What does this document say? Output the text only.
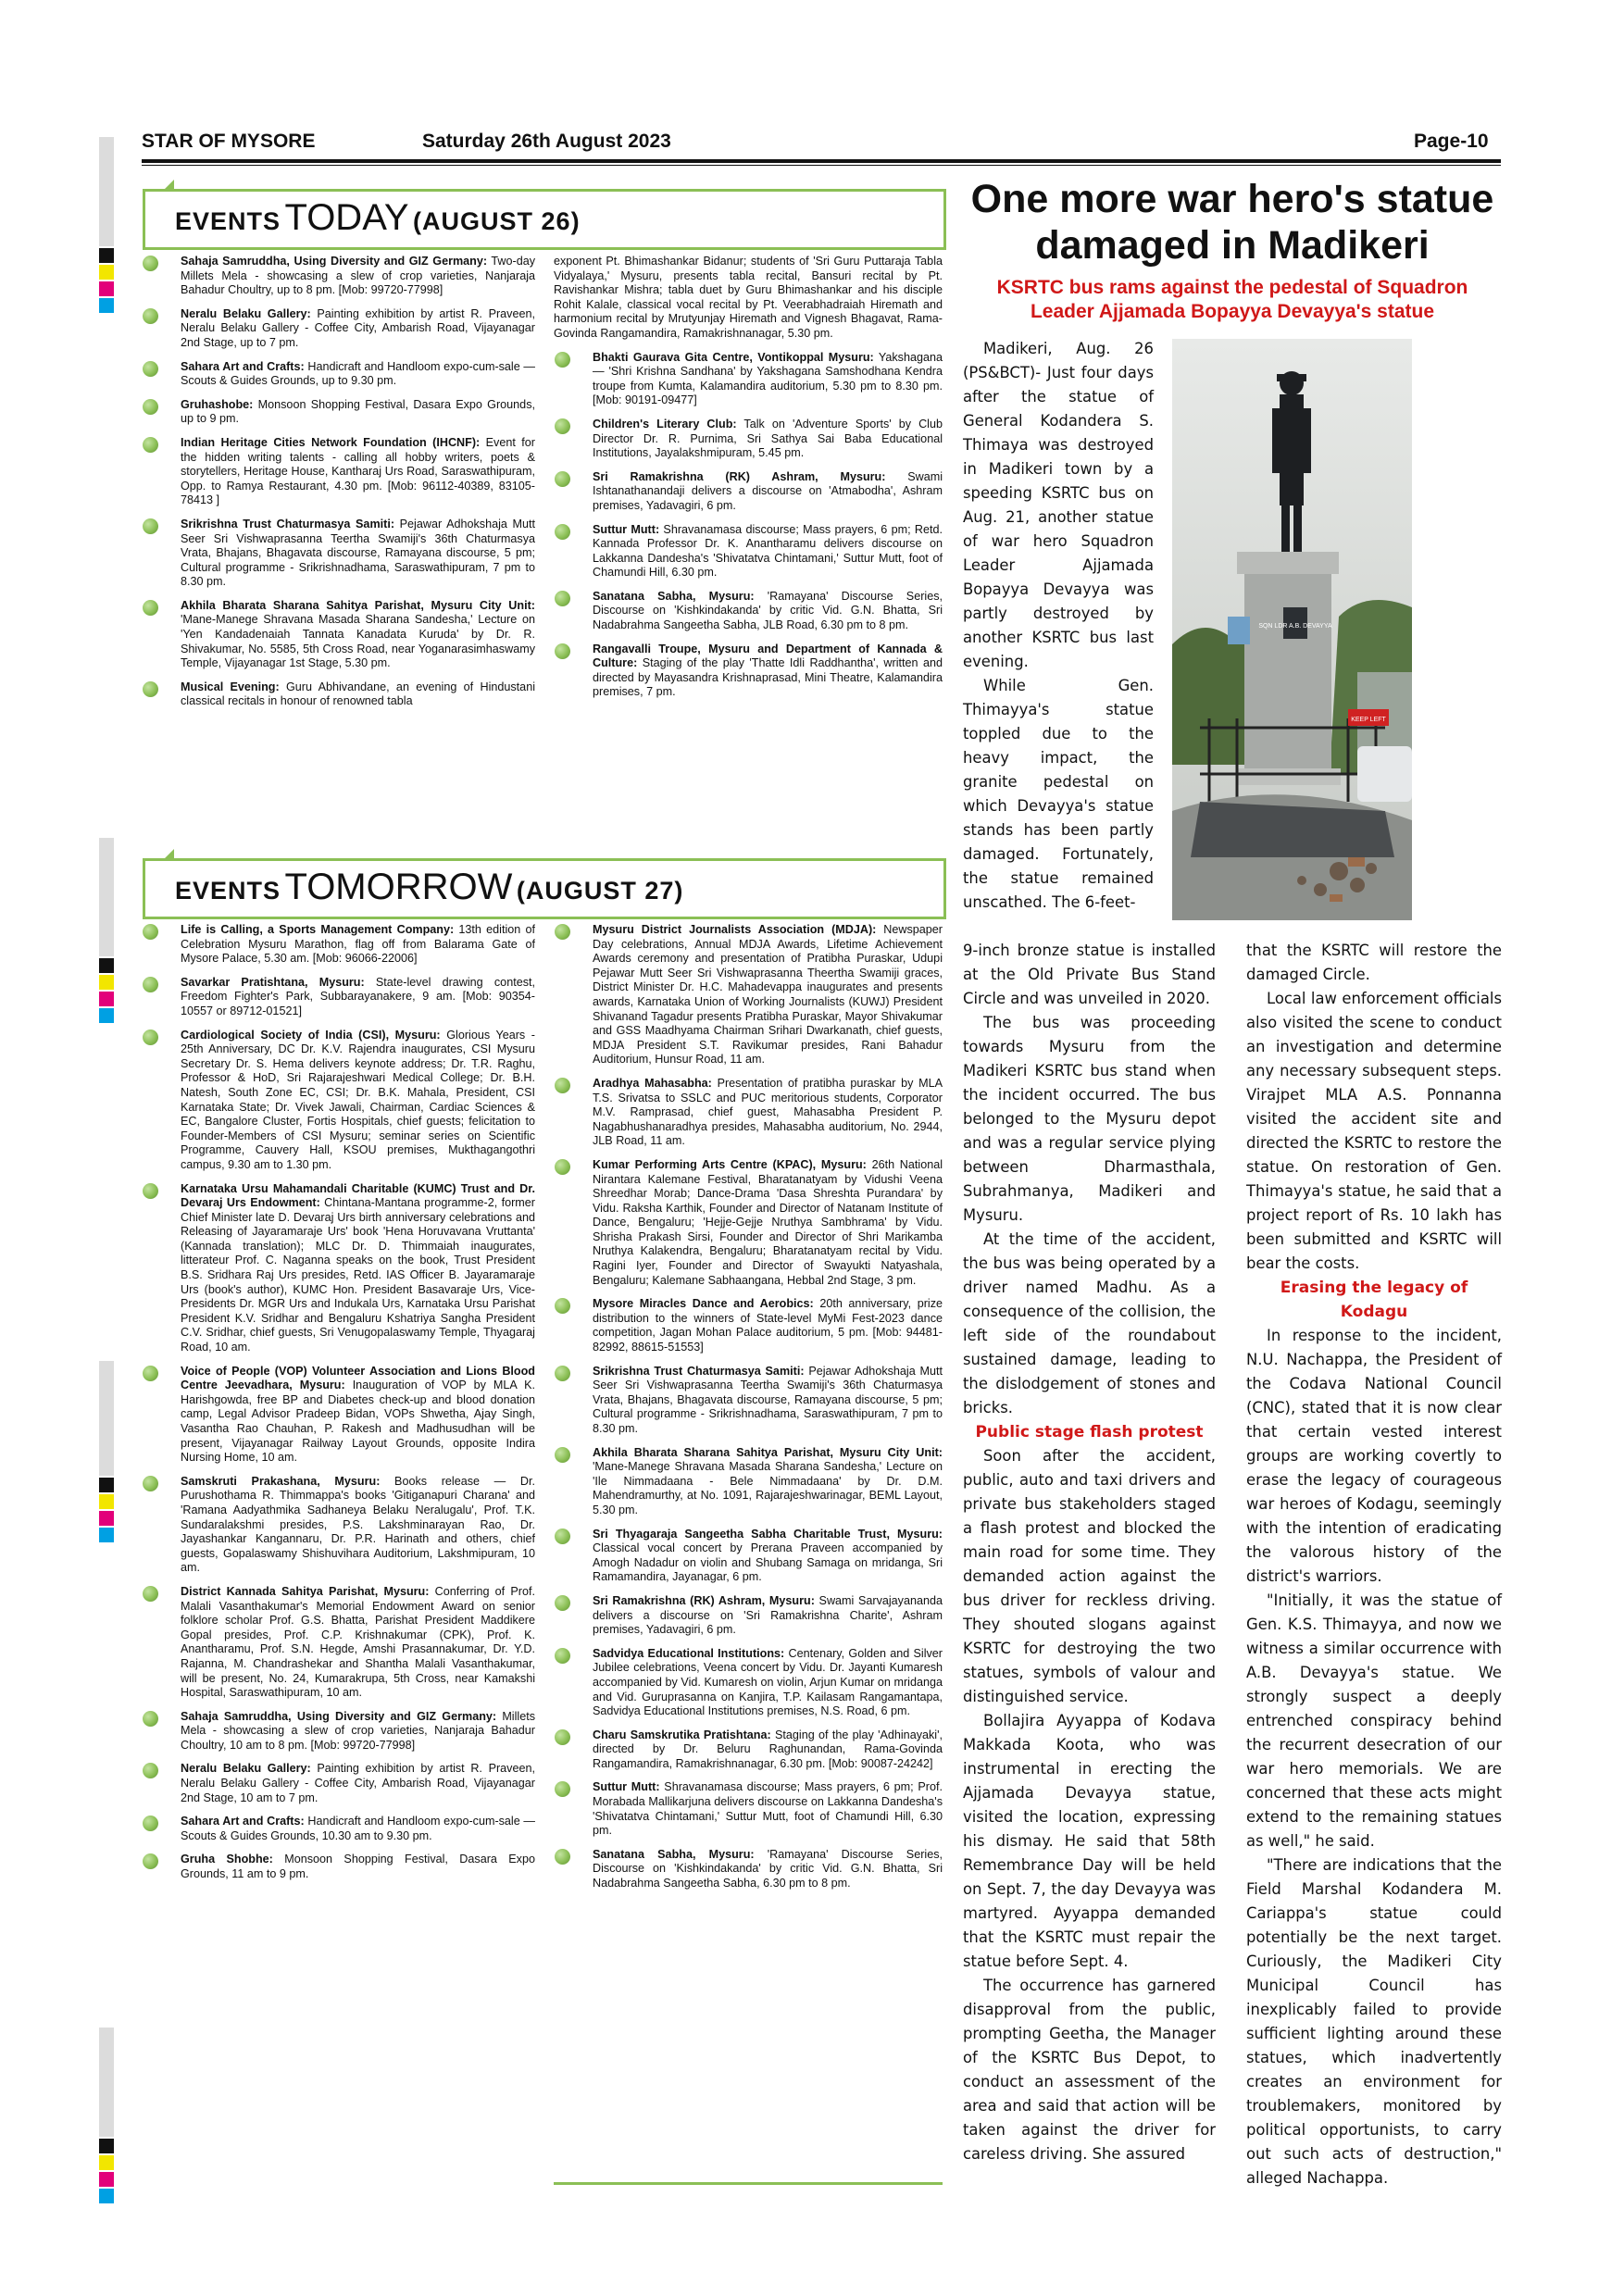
STAR OF MYSORE	Saturday 26th August 2023	Page-10
EVENTS TODAY (AUGUST 26)
Sahaja Samruddha, Using Diversity and GIZ Germany: Two-day Millets Mela - showcasing a slew of crop varieties, Nanjaraja Bahadur Choultry, up to 8 pm. [Mob: 99720-77998]
Neralu Belaku Gallery: Painting exhibition by artist R. Praveen, Neralu Belaku Gallery - Coffee City, Ambarish Road, Vijayanagar 2nd Stage, up to 7 pm.
Sahara Art and Crafts: Handicraft and Handloom expo-cum-sale — Scouts & Guides Grounds, up to 9.30 pm.
Gruhashobe: Monsoon Shopping Festival, Dasara Expo Grounds, up to 9 pm.
Indian Heritage Cities Network Foundation (IHCNF): Event for the hidden writing talents - calling all hobby writers, poets & storytellers, Heritage House, Kantharaj Urs Road, Saraswathipuram, Opp. to Ramya Restaurant, 4.30 pm. [Mob: 96112-40389, 83105-78413 ]
Srikrishna Trust Chaturmasya Samiti: Pejawar Adhokshaja Mutt Seer Sri Vishwaprasanna Teertha Swamiji's 36th Chaturmasya Vrata, Bhajans, Bhagavata discourse, Ramayana discourse, 5 pm; Cultural programme - Srikrishnadhama, Saraswathipuram, 7 pm to 8.30 pm.
Akhila Bharata Sharana Sahitya Parishat, Mysuru City Unit: 'Mane-Manege Shravana Masada Sharana Sandesha,' Lecture on 'Yen Kandadenaiah Tannata Kanadata Kuruda' by Dr. R. Shivakumar, No. 5585, 5th Cross Road, near Yoganarasimhaswamy Temple, Vijayanagar 1st Stage, 5.30 pm.
Musical Evening: Guru Abhivandane, an evening of Hindustani classical recitals in honour of renowned tabla
exponent Pt. Bhimashankar Bidanur; students of 'Sri Guru Puttaraja Tabla Vidyalaya,' Mysuru, presents tabla recital, Bansuri recital by Pt. Ravishankar Mishra; tabla duet by Guru Bhimashankar and his disciple Rohit Kalale, classical vocal recital by Pt. Veerabhadraiah Hiremath and harmonium recital by Mrutyunjay Hiremath and Vignesh Bhagavat, Rama-Govinda Rangamandira, Ramakrishnanagar, 5.30 pm.
Bhakti Gaurava Gita Centre, Vontikoppal Mysuru: Yakshagana — 'Shri Krishna Sandhana' by Yakshagana Samshodhana Kendra troupe from Kumta, Kalamandira auditorium, 5.30 pm to 8.30 pm. [Mob: 90191-09477]
Children's Literary Club: Talk on 'Adventure Sports' by Club Director Dr. R. Purnima, Sri Sathya Sai Baba Educational Institutions, Jayalakshmipuram, 5.45 pm.
Sri Ramakrishna (RK) Ashram, Mysuru: Swami Ishtanathanandaji delivers a discourse on 'Atmabodha', Ashram premises, Yadavagiri, 6 pm.
Suttur Mutt: Shravanamasa discourse; Mass prayers, 6 pm; Retd. Kannada Professor Dr. K. Anantharamu delivers discourse on Lakkanna Dandesha's 'Shivatatva Chintamani,' Suttur Mutt, foot of Chamundi Hill, 6.30 pm.
Sanatana Sabha, Mysuru: 'Ramayana' Discourse Series, Discourse on 'Kishkindakanda' by critic Vid. G.N. Bhatta, Sri Nadabrahma Sangeetha Sabha, JLB Road, 6.30 pm to 8 pm.
Rangavalli Troupe, Mysuru and Department of Kannada & Culture: Staging of the play 'Thatte Idli Raddhantha', written and directed by Mayasandra Krishnaprasad, Mini Theatre, Kalamandira premises, 7 pm.
EVENTS TOMORROW (AUGUST 27)
Life is Calling, a Sports Management Company: 13th edition of Celebration Mysuru Marathon, flag off from Balarama Gate of Mysore Palace, 5.30 am. [Mob: 96066-22006]
Savarkar Pratishtana, Mysuru: State-level drawing contest, Freedom Fighter's Park, Subbarayanakere, 9 am. [Mob: 90354-10557 or 89712-01521]
Cardiological Society of India (CSI), Mysuru: Glorious Years - 25th Anniversary, DC Dr. K.V. Rajendra inaugurates, CSI Mysuru Secretary Dr. S. Hema delivers keynote address; Dr. T.R. Raghu, Professor & HoD, Sri Rajarajeshwari Medical College; Dr. B.H. Natesh, South Zone EC, CSI; Dr. B.K. Mahala, President, CSI Karnataka State; Dr. Vivek Jawali, Chairman, Cardiac Sciences & EC, Bangalore Cluster, Fortis Hospitals, chief guests; felicitation to Founder-Members of CSI Mysuru; seminar series on Scientific Programme, Cauvery Hall, KSOU premises, Mukthagangothri campus, 9.30 am to 1.30 pm.
Karnataka Ursu Mahamandali Charitable (KUMC) Trust and Dr. Devaraj Urs Endowment: Chintana-Mantana programme-2, former Chief Minister late D. Devaraj Urs birth anniversary celebrations and Releasing of Jayaramaraje Urs' book 'Hena Horuvavana Vruttanta' (Kannada translation); MLC Dr. D. Thimmaiah inaugurates, litterateur Prof. C. Naganna speaks on the book, Trust President B.S. Sridhara Raj Urs presides, Retd. IAS Officer B. Jayaramaraje Urs (book's author), KUMC Hon. President Basavaraje Urs, Vice-Presidents Dr. MGR Urs and Indukala Urs, Karnataka Ursu Parishat President K.V. Sridhar and Bengaluru Kshatriya Sangha President C.V. Sridhar, chief guests, Sri Venugopalaswamy Temple, Thyagaraj Road, 10 am.
Voice of People (VOP) Volunteer Association and Lions Blood Centre Jeevadhara, Mysuru: Inauguration of VOP by MLA K. Harishgowda, free BP and Diabetes check-up and blood donation camp, Legal Advisor Pradeep Bidan, VOPs Shwetha, Ajay Singh, Vasantha Rao Chauhan, P. Rakesh and Madhusudhan will be present, Vijayanagar Railway Layout Grounds, opposite Indira Nursing Home, 10 am.
Samskruti Prakashana, Mysuru: Books release — Dr. Purushothama R. Thimmappa's books 'Gitiganapuri Charana' and 'Ramana Aadyathmika Sadhaneya Belaku Neralugalu', Prof. T.K. Sundaralakshmi presides, P.S. Lakshminarayan Rao, Dr. Jayashankar Kangannaru, Dr. P.R. Harinath and others, chief guests, Gopalaswamy Shishuvihara Auditorium, Lakshmipuram, 10 am.
District Kannada Sahitya Parishat, Mysuru: Conferring of Prof. Malali Vasanthakumar's Memorial Endowment Award on senior folklore scholar Prof. G.S. Bhatta, Parishat President Maddikere Gopal presides, Prof. C.P. Krishnakumar (CPK), Prof. K. Anantharamu, Prof. S.N. Hegde, Amshi Prasannakumar, Dr. Y.D. Rajanna, M. Chandrashekar and Shantha Malali Vasanthakumar, will be present, No. 24, Kumarakrupa, 5th Cross, near Kamakshi Hospital, Saraswathipuram, 10 am.
Sahaja Samruddha, Using Diversity and GIZ Germany: Millets Mela - showcasing a slew of crop varieties, Nanjaraja Bahadur Choultry, 10 am to 8 pm. [Mob: 99720-77998]
Neralu Belaku Gallery: Painting exhibition by artist R. Praveen, Neralu Belaku Gallery - Coffee City, Ambarish Road, Vijayanagar 2nd Stage, 10 am to 7 pm.
Sahara Art and Crafts: Handicraft and Handloom expo-cum-sale — Scouts & Guides Grounds, 10.30 am to 9.30 pm.
Gruha Shobhe: Monsoon Shopping Festival, Dasara Expo Grounds, 11 am to 9 pm.
Mysuru District Journalists Association (MDJA): Newspaper Day celebrations, Annual MDJA Awards, Lifetime Achievement Awards ceremony and presentation of Pratibha Puraskar, Udupi Pejawar Mutt Seer Sri Vishwaprasanna Theertha Swamiji graces, District Minister Dr. H.C. Mahadevappa inaugurates and presents awards, Karnataka Union of Working Journalists (KUWJ) President Shivanand Tagadur presents Pratibha Puraskar, Mayor Shivakumar and GSS Maadhyama Chairman Srihari Dwarkanath, chief guests, MDJA President S.T. Ravikumar presides, Rani Bahadur Auditorium, Hunsur Road, 11 am.
Aradhya Mahasabha: Presentation of pratibha puraskar by MLA T.S. Srivatsa to SSLC and PUC meritorious students, Corporator M.V. Ramprasad, chief guest, Mahasabha President P. Nagabhushanaradhya presides, Mahasabha auditorium, No. 2944, JLB Road, 11 am.
Kumar Performing Arts Centre (KPAC), Mysuru: 26th National Nirantara Kalemane Festival, Bharatanatyam by Vidushi Veena Shreedhar Morab; Dance-Drama 'Dasa Shreshta Purandara' by Vidu. Raksha Karthik, Founder and Director of Natanam Institute of Dance, Bengaluru; 'Hejje-Gejje Nruthya Sambhrama' by Vidu. Shrisha Prakash Sirsi, Founder and Director of Shri Marikamba Nruthya Kalakendra, Bengaluru; Bharatanatyam recital by Vidu. Ragini Iyer, Founder and Director of Swayukti Natyashala, Bengaluru; Kalemane Sabhaangana, Hebbal 2nd Stage, 3 pm.
Mysore Miracles Dance and Aerobics: 20th anniversary, prize distribution to the winners of State-level MyMi Fest-2023 dance competition, Jagan Mohan Palace auditorium, 5 pm. [Mob: 94481-82992, 88615-51553]
Srikrishna Trust Chaturmasya Samiti: Pejawar Adhokshaja Mutt Seer Sri Vishwaprasanna Teertha Swamiji's 36th Chaturmasya Vrata, Bhajans, Bhagavata discourse, Ramayana discourse, 5 pm; Cultural programme - Srikrishnadhama, Saraswathipuram, 7 pm to 8.30 pm.
Akhila Bharata Sharana Sahitya Parishat, Mysuru City Unit: 'Mane-Manege Shravana Masada Sharana Sandesha,' Lecture on 'Ile Nimmadaana - Bele Nimmadaana' by Dr. D.M. Mahendramurthy, at No. 1091, Rajarajeshwarinagar, BEML Layout, 5.30 pm.
Sri Thyagaraja Sangeetha Sabha Charitable Trust, Mysuru: Classical vocal concert by Prerana Praveen accompanied by Amogh Nadadur on violin and Shubang Samaga on mridanga, Sri Ramamandira, Jayanagar, 6 pm.
Sri Ramakrishna (RK) Ashram, Mysuru: Swami Sarvajayananda delivers a discourse on 'Sri Ramakrishna Charite', Ashram premises, Yadavagiri, 6 pm.
Sadvidya Educational Institutions: Centenary, Golden and Silver Jubilee celebrations, Veena concert by Vidu. Dr. Jayanti Kumaresh accompanied by Vid. Kumaresh on violin, Arjun Kumar on mridanga and Vid. Guruprasanna on Kanjira, T.P. Kailasam Rangamantapa, Sadvidya Educational Institutions premises, N.S. Road, 6 pm.
Charu Samskrutika Pratishtana: Staging of the play 'Adhinayaki', directed by Dr. Beluru Raghunandan, Rama-Govinda Rangamandira, Ramakrishnanagar, 6.30 pm. [Mob: 90087-24242]
Suttur Mutt: Shravanamasa discourse; Mass prayers, 6 pm; Prof. Morabada Mallikarjuna delivers discourse on Lakkanna Dandesha's 'Shivatatva Chintamani,' Suttur Mutt, foot of Chamundi Hill, 6.30 pm.
Sanatana Sabha, Mysuru: 'Ramayana' Discourse Series, Discourse on 'Kishkindakanda' by critic Vid. G.N. Bhatta, Sri Nadabrahma Sangeetha Sabha, 6.30 pm to 8 pm.
One more war hero's statue damaged in Madikeri
KSRTC bus rams against the pedestal of Squadron Leader Ajjamada Bopayya Devayya's statue
SQN LDR A.B. DEVAYYA
KEEP LEFT

Madikeri, Aug. 26 (PS&BCT)- Just four days after the statue of General Kodandera S. Thimaya was destroyed in Madikeri town by a speeding KSRTC bus on Aug. 21, another statue of war hero Squadron Leader Ajjamada Bopayya Devayya was partly destroyed by another KSRTC bus last evening.

While Gen. Thimayya's statue toppled due to the heavy impact, the granite pedestal on which Devayya's statue stands has been partly damaged. Fortunately, the statue remained unscathed. The 6-feet-

9-inch bronze statue is installed at the Old Private Bus Stand Circle and was unveiled in 2020.

The bus was proceeding towards Mysuru from the Madikeri KSRTC bus stand when the incident occurred. The bus belonged to the Mysuru depot and was a regular service plying between Dharmasthala, Subrahmanya, Madikeri and Mysuru.

At the time of the accident, the bus was being operated by a driver named Madhu. As a consequence of the collision, the left side of the roundabout sustained damage, leading to the dislodgement of stones and bricks.

Public stage flash protest

Soon after the accident, public, auto and taxi drivers and private bus stakeholders staged a flash protest and blocked the main road for some time. They demanded action against the bus driver for reckless driving. They shouted slogans against KSRTC for destroying the two statues, symbols of valour and distinguished service.

Bollajira Ayyappa of Kodava Makkada Koota, who was instrumental in erecting the Ajjamada Devayya statue, visited the location, expressing his dismay. He said that 58th Remembrance Day will be held on Sept. 7, the day Devayya was martyred. Ayyappa demanded that the KSRTC must repair the statue before Sept. 4.

The occurrence has garnered disapproval from the public, prompting Geetha, the Manager of the KSRTC Bus Depot, to conduct an assessment of the area and said that action will be taken against the driver for careless driving. She assured

that the KSRTC will restore the damaged Circle.

Local law enforcement officials also visited the scene to conduct an investigation and determine any necessary subsequent steps. Virajpet MLA A.S. Ponnanna visited the accident site and directed the KSRTC to restore the statue. On restoration of Gen. Thimayya's statue, he said that a project report of Rs. 10 lakh has been submitted and KSRTC will bear the costs.

Erasing the legacy of Kodagu

In response to the incident, N.U. Nachappa, the President of the Codava National Council (CNC), stated that it is now clear that certain vested interest groups are working covertly to erase the legacy of courageous war heroes of Kodagu, seemingly with the intention of eradicating the valorous history of the district's warriors.

"Initially, it was the statue of Gen. K.S. Thimayya, and now we witness a similar occurrence with A.B. Devayya's statue. We strongly suspect a deeply entrenched conspiracy behind the recurrent desecration of our war hero memorials. We are concerned that these acts might extend to the remaining statues as well," he said.

"There are indications that the Field Marshal Kodandera M. Cariappa's statue could potentially be the next target. Curiously, the Madikeri City Municipal Council has inexplicably failed to provide sufficient lighting around these statues, which inadvertently creates an environment for troublemakers, monitored by political opportunists, to carry out such acts of destruction," alleged Nachappa.
